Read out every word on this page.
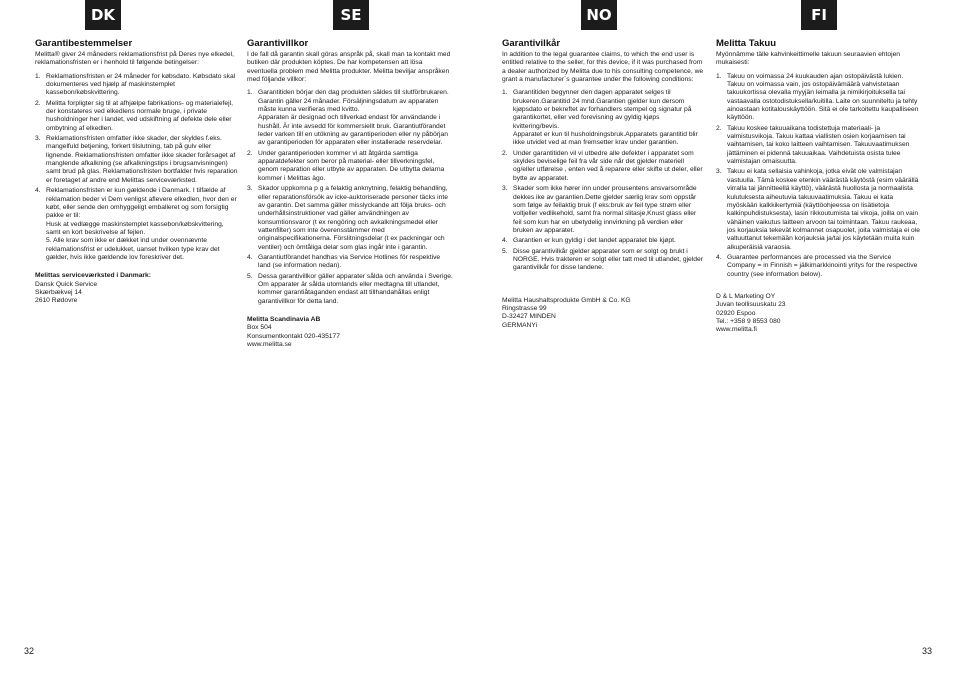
DK	SE	NO	FI
Garantibestemmelser

Melitta® giver 24 måneders reklamationsfrist på Deres nye elkedel, reklamationsfristen er i henhold til følgende betingelser:

1. Reklamationsfristen er 24 måneder for købsdato. Købsdato skal dokumenteres ved hjælp af maskinstemplet kassebon/købskvittering.
2. Melitta forpligter sig til at afhjælpe fabrikations- og materialefejl, der konstateres ved elkedlens normale bruge, i private husholdninger her i landet, ved udskiftning af defekte dele eller ombytning af elkedlen.
3. Reklamationsfristen omfatter ikke skader, der skyldes f.eks. mangelfuld betjening, forkert tilslutning, tab på gulv eller lignende. Reklamationsfristen omfatter ikke skader forårsaget af manglende afkalkning (se afkalkningstips i brugsanvisningen) samt brud på glas. Reklamationsfristen bortfalder hvis reparation er foretaget af andre end Melittas serviceværksted.
4. Reklamationsfristen er kun gældende i Danmark. I tilfælde af reklamation beder vi Dem venligst aflevere elkedlen, hvor den er købt, eller sende den omhyggeligt emballeret og som forsigtig pakke er til:
Husk at vedlægge maskinstemplet kassebon/købskvittering, samt en kort beskrivelse af fejlen.
5. Alle krav som ikke er dækket ind under ovennævnte reklamationsfrist er udelukket, uanset hvilken type krav det gælder, hvis ikke gældende lov foreskriver det.

Melittas serviceværksted i Danmark:

Dansk Quick Service

Skærbækvej 14

2610 Rødovre

Garantivillkor

I de fall då garantin skall göras anspråk på, skall man ta kontakt med butiken där produkten köptes. De har kompetensen att lösa eventuella problem med Melitta produkter. Melitta beviljar anspråken med följande villkor:

1. Garantitiden börjar den dag produkten säldes till slutförbrukaren. Garantin gäller 24 månader. Försäljningsdatum av apparaten måste kunna verifieras med kvitto.
Apparaten är designad och tillverkad endast för användande i hushåll. Är inte avsedd för kommersiellt bruk. Garantiutförandet leder varken till en utökning av garantiperioden eller ny påbörjan av garantiperioden för apparaten eller installerade reservdelar.
2. Under garantiperioden kommer vi att åtgärda samtliga apparatdefekter som beror på material- eller tillverkningsfel, genom reparation eller utbyte av apparaten. De utbytta delarna kommer i Melittas ägo.
3. Skador uppkomna p g a felaktig anknytning, felaktig behandling, eller reparationsförsök av icke-auktoriserade personer täcks inte av garantin. Det samma gäller misslyckande att följa bruks- och underhållsinstruktioner vad gäller användningen av konsumtionsvaror (t ex rengöring och avkalkningsmedel eller vattenfilter) som inte överensstämmer med originalspecifikationerna. Förslitningsdelar (t ex packningar och ventiler) och ömtåliga delar som glas ingår inte i garantin.
4. Garantiutförandet handhas via Service Hotlines för respektive land (se information nedan).
5. Dessa garantivillkor gäller apparater sålda och använda i Sverige. Om apparater är sålda utomlands eller medtagna till utlandet, kommer garantiåtaganden endast att tillhandahållas enligt garantivillkor för detta land.

Melitta Scandinavia AB

Box 504

Konsumentkontakt 020-435177

www.melitta.se

Garantivilkår

In addition to the legal guarantee claims, to which the end user is entitled relative to the seller, for this device, if it was purchased from a dealer authorized by Melitta due to his consulting competence, we grant a manufacturer´s guarantee under the following conditions:

1. Garantitiden begynner den dagen apparatet selges til brukeren.Garantitid 24 mnd.Garantien gjelder kun dersom kjøpsdato er bekreftet av forhandlers stempel og signatur på garantikortet, eller ved forevisning av gyldig kjøps kvittering/bevis.
Apparatet er kun til husholdningsbruk.Apparatets garantitid blir ikke utvidet ved at man fremsetter krav under garantien.
2. Under garantitiden vil vi utbedre alle defekter i apparatet som skyldes beviselige feil fra vår side når det gjelder materiell og/eller utførelse , enten ved å reparere eller skifte ut deler, eller bytte av apparatet.
3. Skader som ikke hører inn under prousentens ansvarsområde dekkes ike av garantien.Dette gjelder særlig krav som oppstår som følge av feilaktig bruk (f eks:bruk av feil type strøm eller voltjeller vedlikehold, samt fra normal slitasje,Knust glass eller feil som kun har en ubetydelig innvirkning på verdien eller bruken av apparatet.
4. Garantien er kun gyldig i det landet apparatet ble kjøpt.
5. Disse garantivilkår gjelder apparater som er solgt og brukt i NORGE. Hvis trakteren er solgt eller tatt med til utlandet, gjelder garantivilkår for disse landene.

Melitta Haushaltsprodukte GmbH & Co. KG

Ringstrasse 99

D-32427 MINDEN

GERMANYi

Melitta Takuu

Myönnämme tälle kahvinkeittimelle takuun seuraavien ehtojen mukaisesti:

1. Takuu on voimassa 24 kuukauden ajan ostopäivästä lukien. Takuu on voimassa vain, jos ostopäivämäärä vahvistetaan takuukortissa olevalla myyjän leimalla ja nimikirjoituksella tai vastaavalla ostotodistuksella/kuitilla. Laite on suunniteltu ja tehty ainoastaan kotitalouskäyttöön. Sitä ei ole tarkoitettu kaupalliseen käyttöön.
2. Takuu koskee takuuaikana todistettuja materiaali- ja valmistusvikoja. Takuu kattaa viallisten osien korjaamisen tai vaihtamisen, tai koko laitteen vaihtamisen. Takuuvaatimuksen jättäminen ei pidennä takuuaikaa. Vaihdetuista osista tulee valmistajan omaisuutta.
3. Takuu ei kata sellaisia vahinkoja, jotka eivät ole valmistajan vastuulla. Tämä koskee etenkin väärästä käytöstä (esim väärällä virralla tai jännitteellä käyttö), väärästä huollosta ja normaalista kulutuksesta aiheutuvia takuuvaatimuksia. Takuu ei kata myöskään kalkkikertymiä (käyttöohjeessa on lisätietoja kalkinpuhdistuksesta), lasin rikkoutumista tai vikoja, joilla on vain vähäinen vaikutus laitteen arvoon tai toimintaan. Takuu raukeaa, jos korjauksia tekevät kolmannet osapuolet, joita valmistaja ei ole valtuuttanut tekemään korjauksia ja/tai jos käytetään muita kuin alkuperäisiä varaosia.
4. Guarantee performances are processed via the Service Company = in Finnish = jälkimarkkinointi yritys for the respective country (see information below).

D & L Marketing OY

Juvan teollisuuskatu 23

02920 Espoo

Tel.: +358 9 8553 080

www.melitta.fi

32	33
